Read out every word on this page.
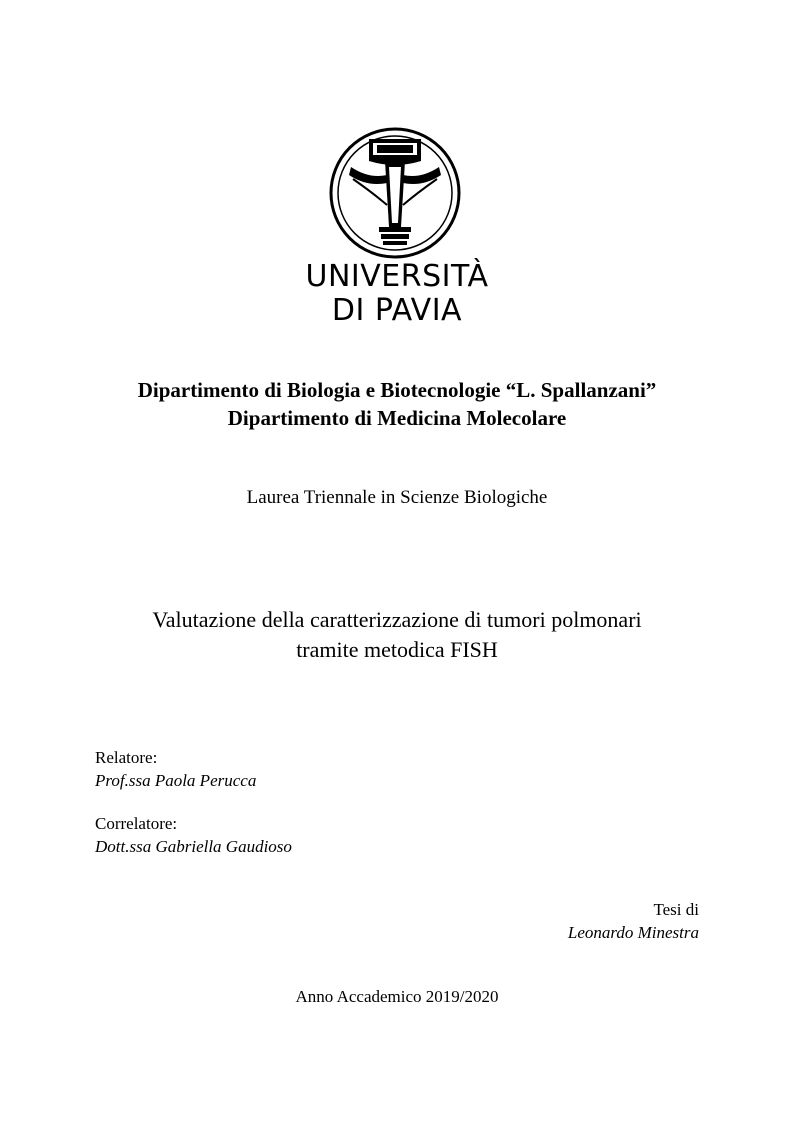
UNIVERSITÀ
DI PAVIA
Dipartimento di Biologia e Biotecnologie “L. Spallanzani”
Dipartimento di Medicina Molecolare
Laurea Triennale in Scienze Biologiche
Valutazione della caratterizzazione di tumori polmonari
tramite metodica FISH
Relatore:
Prof.ssa Paola Perucca
Correlatore:
Dott.ssa Gabriella Gaudioso
Tesi di
Leonardo Minestra
Anno Accademico 2019/2020
